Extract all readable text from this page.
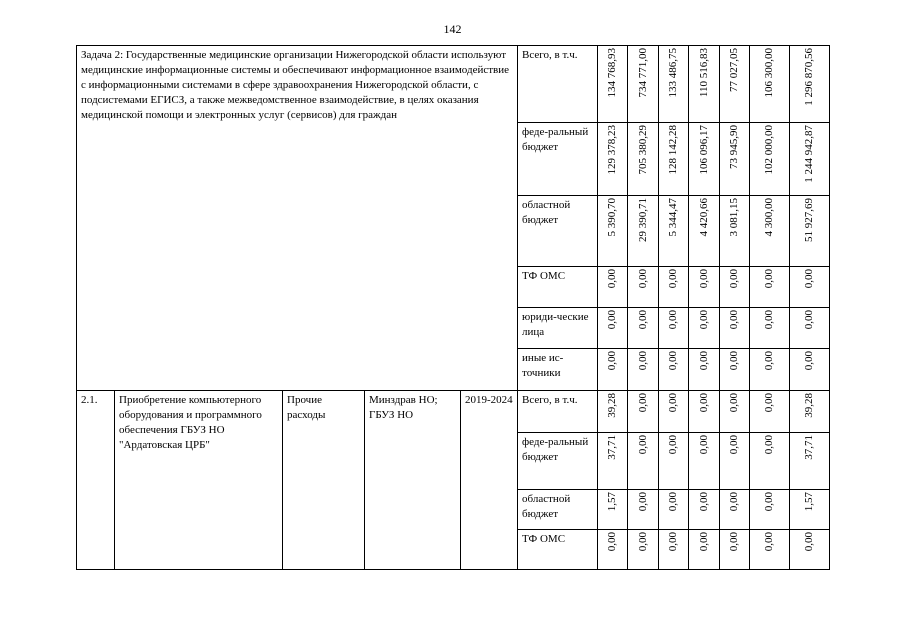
142
Задача 2: Государственные медицинские организации Нижегородской области используют медицинские информационные системы и обеспечивают информационное взаимодействие с информационными системами в сфере здравоохранения Нижегородской области, с подсистемами ЕГИСЗ, а также межведомственное взаимодействие, в целях оказания медицинской помощи и электронных услуг (сервисов) для граждан					Всего, в т.ч.	134 768,93	734 771,00	133 486,75	110 516,83	77 027,05	106 300,00	1 296 870,56

					феде-ральный бюджет	129 378,23	705 380,29	128 142,28	106 096,17	73 945,90	102 000,00	1 244 942,87

					областной бюджет	5 390,70	29 390,71	5 344,47	4 420,66	3 081,15	4 300,00	51 927,69

					ТФ ОМС	0,00	0,00	0,00	0,00	0,00	0,00	0,00

					юриди-ческие лица	0,00	0,00	0,00	0,00	0,00	0,00	0,00

					иные ис-точники	0,00	0,00	0,00	0,00	0,00	0,00	0,00

2.1.	Приобретение компьютерного оборудования и программного обеспечения ГБУЗ НО "Ардатовская ЦРБ"	Прочие расходы	Минздрав НО; ГБУЗ НО	2019-2024	Всего, в т.ч.	39,28	0,00	0,00	0,00	0,00	0,00	39,28

					феде-ральный бюджет	37,71	0,00	0,00	0,00	0,00	0,00	37,71

					областной бюджет	1,57	0,00	0,00	0,00	0,00	0,00	1,57

					ТФ ОМС	0,00	0,00	0,00	0,00	0,00	0,00	0,00
